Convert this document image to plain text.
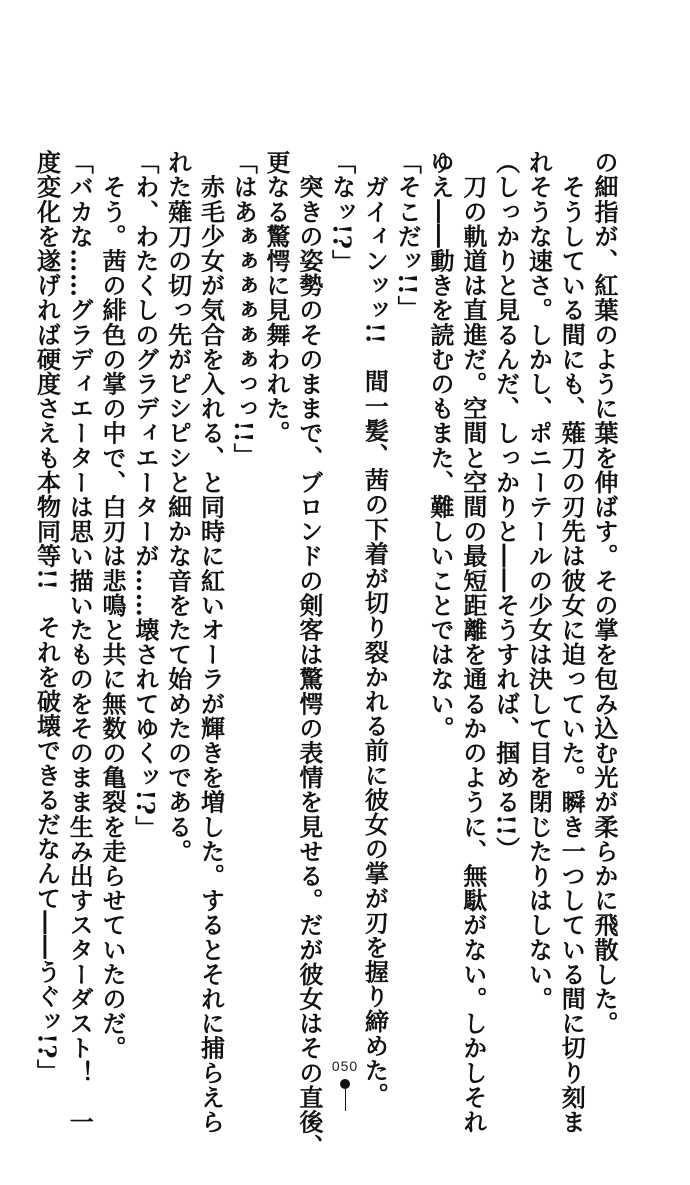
の細指が、紅葉のように葉を伸ばす。その掌を包み込む光が柔らかに飛散した。
　そうしている間にも、薙刀の刃先は彼女に迫っていた。瞬き一つしている間に切り刻ま
れそうな速さ。しかし、ポニーテールの少女は決して目を閉じたりはしない。
（しっかりと見るんだ、しっかりと――そうすれば、掴める!!）
　刀の軌道は直進だ。空間と空間の最短距離を通るかのように、無駄がない。しかしそれ
ゆえ――動きを読むのもまた、難しいことではない。
「そこだッ!!」
　ガイィンッッ!!　間一髪、茜の下着が切り裂かれる前に彼女の掌が刃を握り締めた。
「なッ!?」
　突きの姿勢のそのままで、ブロンドの剣客は驚愕の表情を見せる。だが彼女はその直後、
更なる驚愕に見舞われた。
「はあぁぁぁぁぁぁっっ!!」
　赤毛少女が気合を入れる、と同時に紅いオーラが輝きを増した。するとそれに捕らえら
れた薙刀の切っ先がピシピシと細かな音をたて始めたのである。
「わ、わたくしのグラディエーターが……壊されてゆくッ!?」
　そう。茜の緋色の掌の中で、白刃は悲鳴と共に無数の亀裂を走らせていたのだ。
「バカな……グラディエーターは思い描いたものをそのまま生み出すスターダスト！　一
度変化を遂げれば硬度さえも本物同等!!　それを破壊できるだなんて――うぐッ!?」	050
